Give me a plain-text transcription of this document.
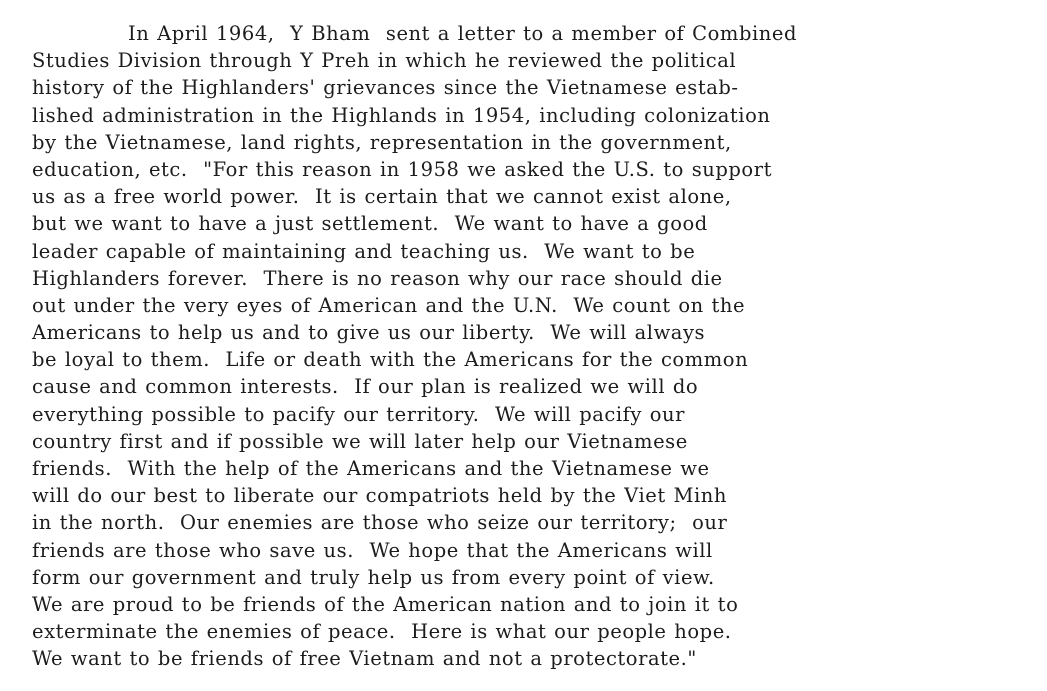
In April 1964,  Y Bham  sent a letter to a member of Combined
Studies Division through Y Preh in which he reviewed the political
history of the Highlanders' grievances since the Vietnamese estab-
lished administration in the Highlands in 1954, including colonization
by the Vietnamese, land rights, representation in the government,
education, etc.  "For this reason in 1958 we asked the U.S. to support
us as a free world power.  It is certain that we cannot exist alone,
but we want to have a just settlement.  We want to have a good
leader capable of maintaining and teaching us.  We want to be
Highlanders forever.  There is no reason why our race should die
out under the very eyes of American and the U.N.  We count on the
Americans to help us and to give us our liberty.  We will always
be loyal to them.  Life or death with the Americans for the common
cause and common interests.  If our plan is realized we will do
everything possible to pacify our territory.  We will pacify our
country first and if possible we will later help our Vietnamese
friends.  With the help of the Americans and the Vietnamese we
will do our best to liberate our compatriots held by the Viet Minh
in the north.  Our enemies are those who seize our territory;  our
friends are those who save us.  We hope that the Americans will
form our government and truly help us from every point of view.
We are proud to be friends of the American nation and to join it to
exterminate the enemies of peace.  Here is what our people hope.
We want to be friends of free Vietnam and not a protectorate."
